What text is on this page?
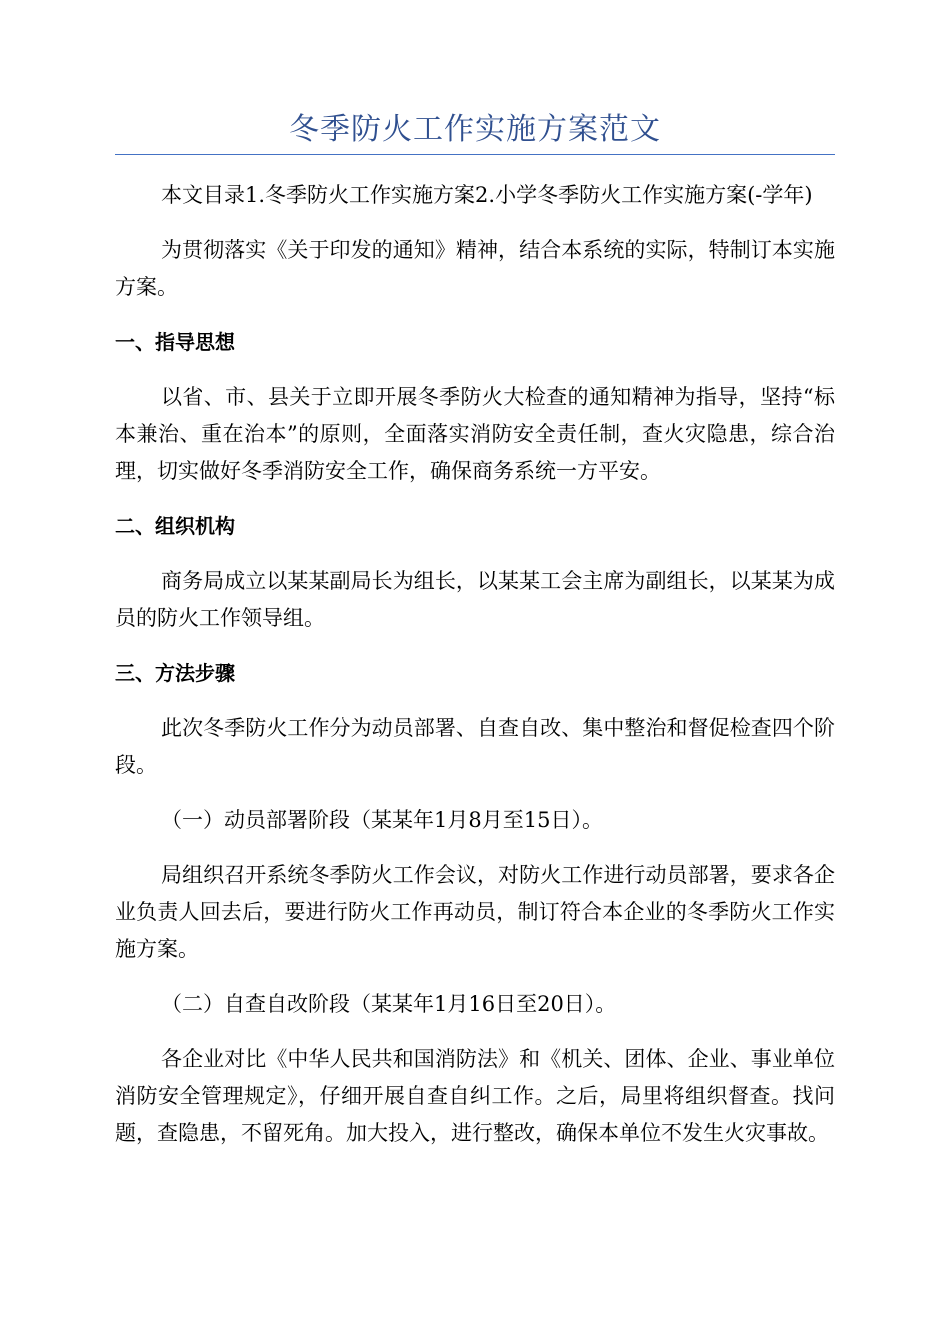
冬季防火工作实施方案范文

本文目录1.冬季防火工作实施方案2.小学冬季防火工作实施方案(-学年)

为贯彻落实《关于印发的通知》精神，结合本系统的实际，特制订本实施方案。

一、指导思想

以省、市、县关于立即开展冬季防火大检查的通知精神为指导，坚持“标本兼治、重在治本”的原则，全面落实消防安全责任制，查火灾隐患，综合治理，切实做好冬季消防安全工作，确保商务系统一方平安。

二、组织机构

商务局成立以某某副局长为组长，以某某工会主席为副组长，以某某为成员的防火工作领导组。

三、方法步骤

此次冬季防火工作分为动员部署、自查自改、集中整治和督促检查四个阶段。

（一）动员部署阶段（某某年1月8月至15日）。

局组织召开系统冬季防火工作会议，对防火工作进行动员部署，要求各企业负责人回去后，要进行防火工作再动员，制订符合本企业的冬季防火工作实施方案。

（二）自查自改阶段（某某年1月16日至20日）。

各企业对比《中华人民共和国消防法》和《机关、团体、企业、事业单位消防安全管理规定》，仔细开展自查自纠工作。之后，局里将组织督查。找问题，查隐患，不留死角。加大投入，进行整改，确保本单位不发生火灾事故。
